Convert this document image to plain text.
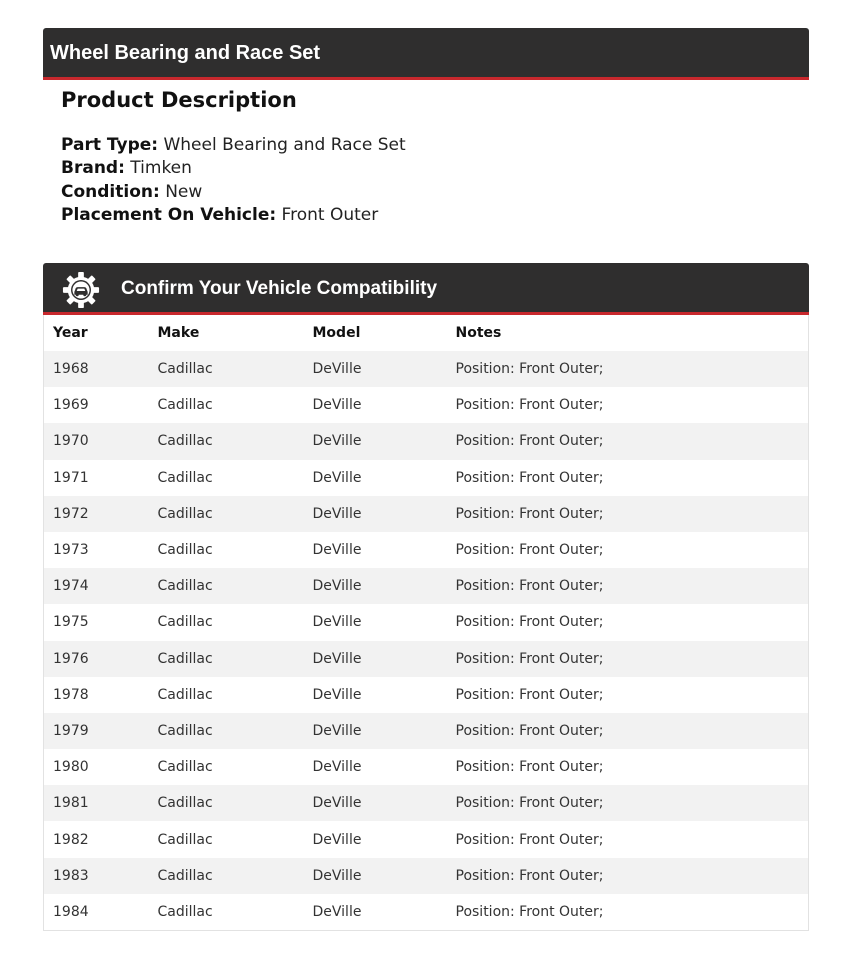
Wheel Bearing and Race Set
Product Description
Part Type: Wheel Bearing and Race Set
Brand: Timken
Condition: New
Placement On Vehicle: Front Outer
Confirm Your Vehicle Compatibility
Year	Make	Model	Notes
1968	Cadillac	DeVille	Position: Front Outer;
1969	Cadillac	DeVille	Position: Front Outer;
1970	Cadillac	DeVille	Position: Front Outer;
1971	Cadillac	DeVille	Position: Front Outer;
1972	Cadillac	DeVille	Position: Front Outer;
1973	Cadillac	DeVille	Position: Front Outer;
1974	Cadillac	DeVille	Position: Front Outer;
1975	Cadillac	DeVille	Position: Front Outer;
1976	Cadillac	DeVille	Position: Front Outer;
1978	Cadillac	DeVille	Position: Front Outer;
1979	Cadillac	DeVille	Position: Front Outer;
1980	Cadillac	DeVille	Position: Front Outer;
1981	Cadillac	DeVille	Position: Front Outer;
1982	Cadillac	DeVille	Position: Front Outer;
1983	Cadillac	DeVille	Position: Front Outer;
1984	Cadillac	DeVille	Position: Front Outer;
